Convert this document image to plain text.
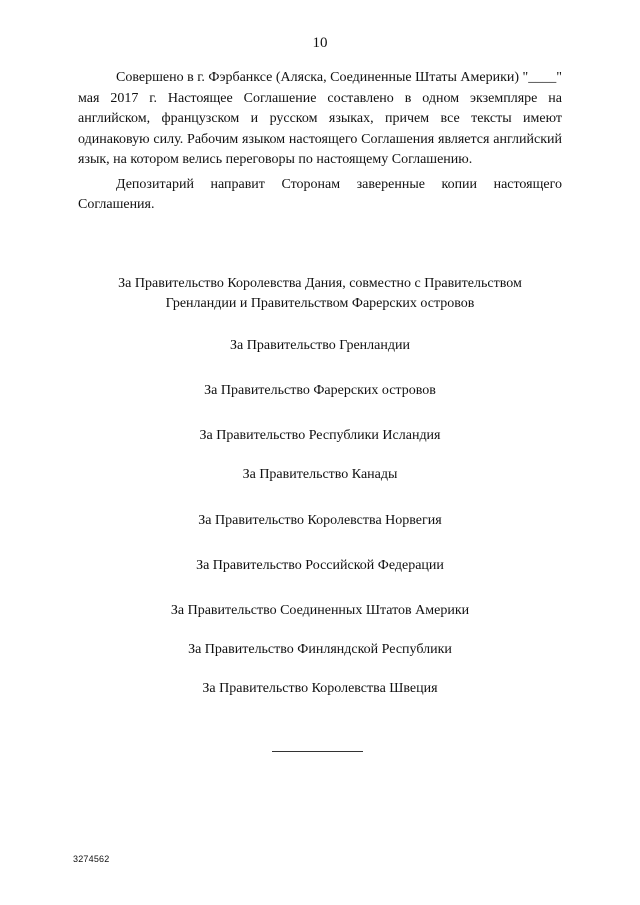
10

Совершено в г. Фэрбанксе (Аляска, Соединенные Штаты Америки) "____" мая 2017 г. Настоящее Соглашение составлено в одном экземпляре на английском, французском и русском языках, причем все тексты имеют одинаковую силу. Рабочим языком настоящего Соглашения является английский язык, на котором велись переговоры по настоящему Соглашению.

Депозитарий направит Сторонам заверенные копии настоящего Соглашения.

За Правительство Королевства Дания, совместно с Правительством
Гренландии и Правительством Фарерских островов
За Правительство Гренландии
За Правительство Фарерских островов
За Правительство Республики Исландия
За Правительство Канады
За Правительство Королевства Норвегия
За Правительство Российской Федерации
За Правительство Соединенных Штатов Америки
За Правительство Финляндской Республики
За Правительство Королевства Швеция
3274562
